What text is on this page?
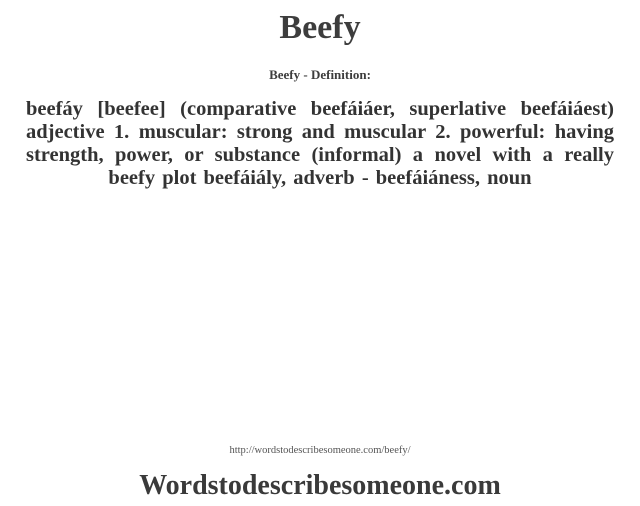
Beefy
Beefy - Definition:
beefáy [beefee] (comparative beefáiáer, superlative beefáiáest) adjective 1. muscular: strong and muscular 2. powerful: having strength, power, or substance (informal) a novel with a really beefy plot beefáiály, adverb - beefáiáness, noun
http://wordstodescribesomeone.com/beefy/
Wordstodescribesomeone.com
